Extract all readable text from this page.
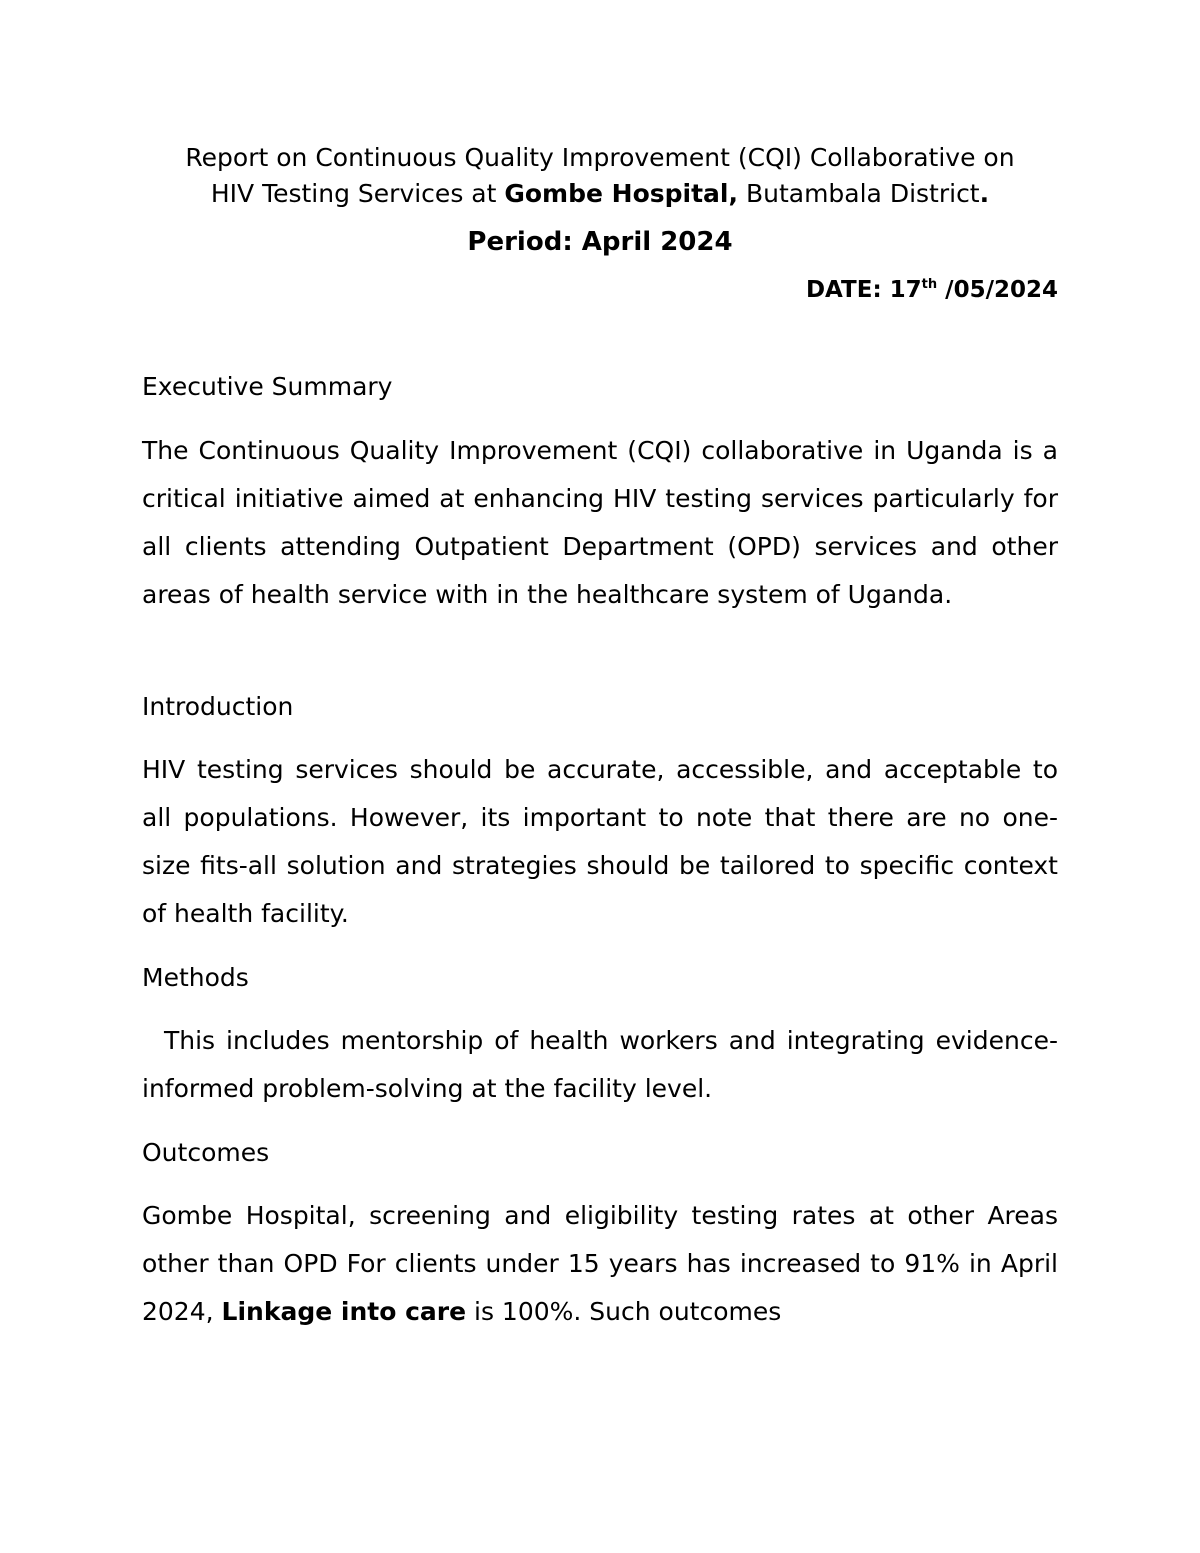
Report on Continuous Quality Improvement (CQI) Collaborative on
HIV Testing Services at Gombe Hospital, Butambala District.
Period: April 2024
DATE: 17th /05/2024
Executive Summary
The Continuous Quality Improvement (CQI) collaborative in Uganda is a critical initiative aimed at enhancing HIV testing services particularly for all clients attending Outpatient Department (OPD) services and other areas of health service with in the healthcare system of Uganda.
Introduction
HIV testing services should be accurate, accessible, and acceptable to all populations. However, its important to note that there are no one-size fits-all solution and strategies should be tailored to specific context of health facility.
Methods
This includes mentorship of health workers and integrating evidence-informed problem-solving at the facility level.
Outcomes
Gombe Hospital, screening and eligibility testing rates at other Areas other than OPD For clients under 15 years has increased to 91% in April 2024, Linkage into care is 100%. Such outcomes
